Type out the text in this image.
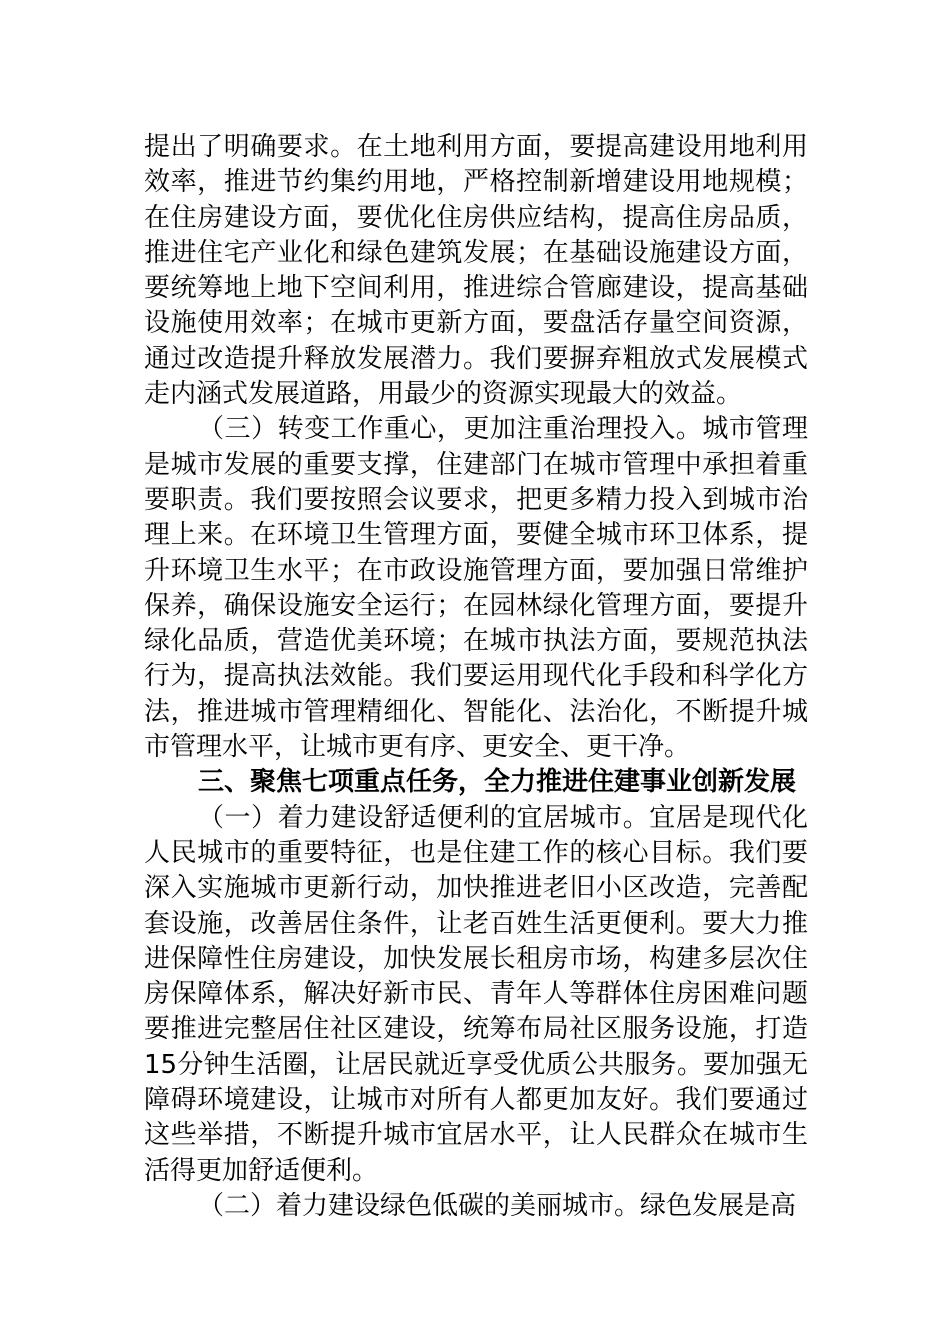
提出了明确要求。在土地利用方面，要提高建设用地利用效率，推进节约集约用地，严格控制新增建设用地规模；在住房建设方面，要优化住房供应结构，提高住房品质，推进住宅产业化和绿色建筑发展；在基础设施建设方面，要统筹地上地下空间利用，推进综合管廊建设，提高基础设施使用效率；在城市更新方面，要盘活存量空间资源，通过改造提升释放发展潜力。我们要摒弃粗放式发展模式走内涵式发展道路，用最少的资源实现最大的效益。

（三）转变工作重心，更加注重治理投入。城市管理是城市发展的重要支撑，住建部门在城市管理中承担着重要职责。我们要按照会议要求，把更多精力投入到城市治理上来。在环境卫生管理方面，要健全城市环卫体系，提升环境卫生水平；在市政设施管理方面，要加强日常维护保养，确保设施安全运行；在园林绿化管理方面，要提升绿化品质，营造优美环境；在城市执法方面，要规范执法行为，提高执法效能。我们要运用现代化手段和科学化方法，推进城市管理精细化、智能化、法治化，不断提升城市管理水平，让城市更有序、更安全、更干净。

三、聚焦七项重点任务，全力推进住建事业创新发展

（一）着力建设舒适便利的宜居城市。宜居是现代化人民城市的重要特征，也是住建工作的核心目标。我们要深入实施城市更新行动，加快推进老旧小区改造，完善配套设施，改善居住条件，让老百姓生活更便利。要大力推进保障性住房建设，加快发展长租房市场，构建多层次住房保障体系，解决好新市民、青年人等群体住房困难问题要推进完整居住社区建设，统筹布局社区服务设施，打造15分钟生活圈，让居民就近享受优质公共服务。要加强无障碍环境建设，让城市对所有人都更加友好。我们要通过这些举措，不断提升城市宜居水平，让人民群众在城市生活得更加舒适便利。

（二）着力建设绿色低碳的美丽城市。绿色发展是高
